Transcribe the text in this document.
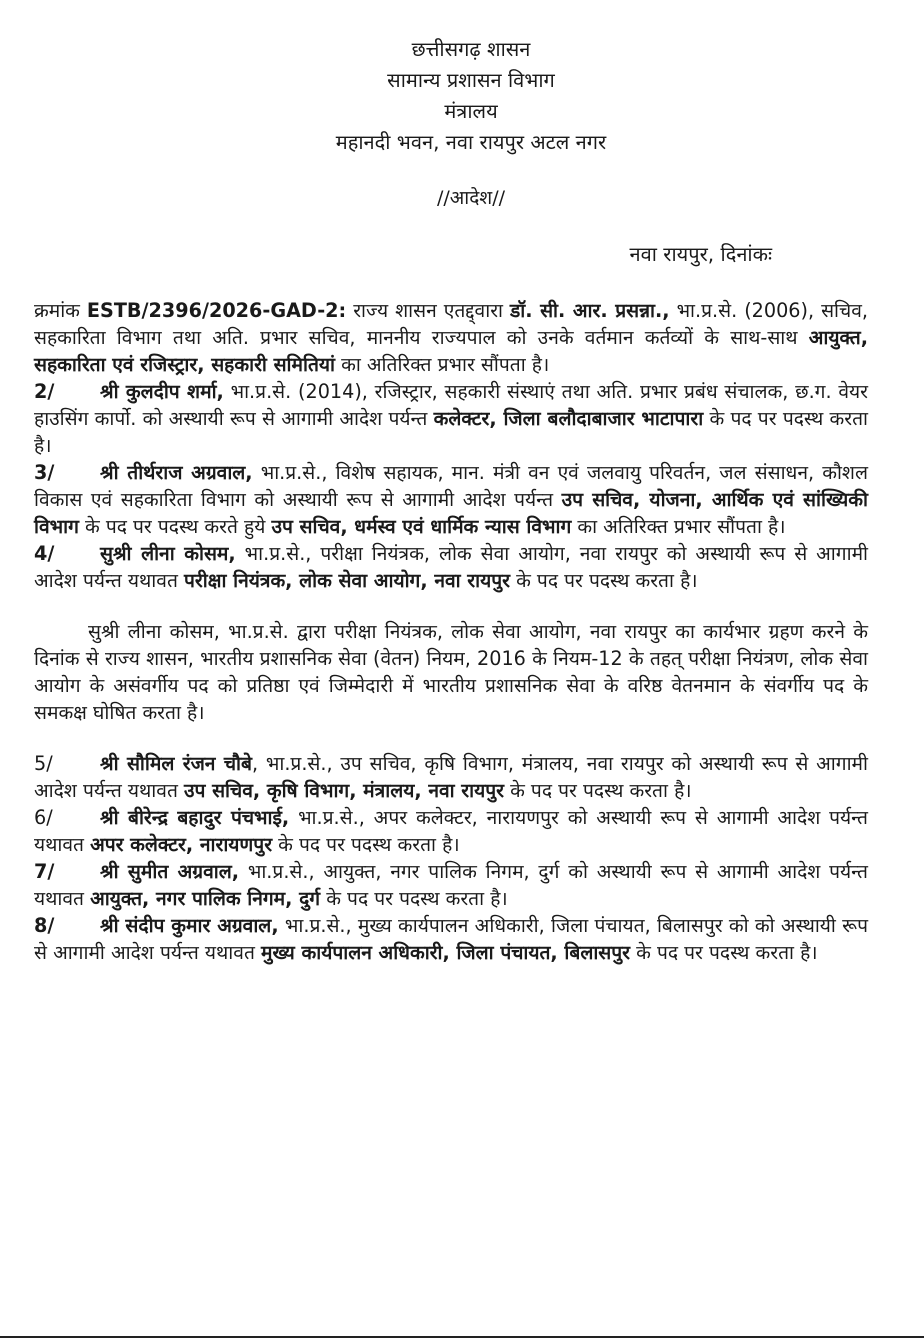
छत्तीसगढ़ शासन
सामान्य प्रशासन विभाग
मंत्रालय
महानदी भवन, नवा रायपुर अटल नगर
//आदेश//
नवा रायपुर, दिनांकः

क्रमांक ESTB/2396/2026-GAD-2: राज्य शासन एतद्द्वारा डॉ. सी. आर. प्रसन्ना., भा.प्र.से. (2006), सचिव, सहकारिता विभाग तथा अति. प्रभार सचिव, माननीय राज्यपाल को उनके वर्तमान कर्तव्यों के साथ-साथ आयुक्त, सहकारिता एवं रजिस्ट्रार, सहकारी समितियां का अतिरिक्त प्रभार सौंपता है।

2/ श्री कुलदीप शर्मा, भा.प्र.से. (2014), रजिस्ट्रार, सहकारी संस्थाएं तथा अति. प्रभार प्रबंध संचालक, छ.ग. वेयर हाउसिंग कार्पो. को अस्थायी रूप से आगामी आदेश पर्यन्त कलेक्टर, जिला बलौदाबाजार भाटापारा के पद पर पदस्थ करता है।

3/ श्री तीर्थराज अग्रवाल, भा.प्र.से., विशेष सहायक, मान. मंत्री वन एवं जलवायु परिवर्तन, जल संसाधन, कौशल विकास एवं सहकारिता विभाग को अस्थायी रूप से आगामी आदेश पर्यन्त उप सचिव, योजना, आर्थिक एवं सांख्यिकी विभाग के पद पर पदस्थ करते हुये उप सचिव, धर्मस्व एवं धार्मिक न्यास विभाग का अतिरिक्त प्रभार सौंपता है।

4/ सुश्री लीना कोसम, भा.प्र.से., परीक्षा नियंत्रक, लोक सेवा आयोग, नवा रायपुर को अस्थायी रूप से आगामी आदेश पर्यन्त यथावत परीक्षा नियंत्रक, लोक सेवा आयोग, नवा रायपुर के पद पर पदस्थ करता है।

सुश्री लीना कोसम, भा.प्र.से. द्वारा परीक्षा नियंत्रक, लोक सेवा आयोग, नवा रायपुर का कार्यभार ग्रहण करने के दिनांक से राज्य शासन, भारतीय प्रशासनिक सेवा (वेतन) नियम, 2016 के नियम-12 के तहत् परीक्षा नियंत्रण, लोक सेवा आयोग के असंवर्गीय पद को प्रतिष्ठा एवं जिम्मेदारी में भारतीय प्रशासनिक सेवा के वरिष्ठ वेतनमान के संवर्गीय पद के समकक्ष घोषित करता है।

5/ श्री सौमिल रंजन चौबे, भा.प्र.से., उप सचिव, कृषि विभाग, मंत्रालय, नवा रायपुर को अस्थायी रूप से आगामी आदेश पर्यन्त यथावत उप सचिव, कृषि विभाग, मंत्रालय, नवा रायपुर के पद पर पदस्थ करता है।

6/ श्री बीरेन्द्र बहादुर पंचभाई, भा.प्र.से., अपर कलेक्टर, नारायणपुर को अस्थायी रूप से आगामी आदेश पर्यन्त यथावत अपर कलेक्टर, नारायणपुर के पद पर पदस्थ करता है।

7/ श्री सुमीत अग्रवाल, भा.प्र.से., आयुक्त, नगर पालिक निगम, दुर्ग को अस्थायी रूप से आगामी आदेश पर्यन्त यथावत आयुक्त, नगर पालिक निगम, दुर्ग के पद पर पदस्थ करता है।

8/ श्री संदीप कुमार अग्रवाल, भा.प्र.से., मुख्य कार्यपालन अधिकारी, जिला पंचायत, बिलासपुर को को अस्थायी रूप से आगामी आदेश पर्यन्त यथावत मुख्य कार्यपालन अधिकारी, जिला पंचायत, बिलासपुर के पद पर पदस्थ करता है।
